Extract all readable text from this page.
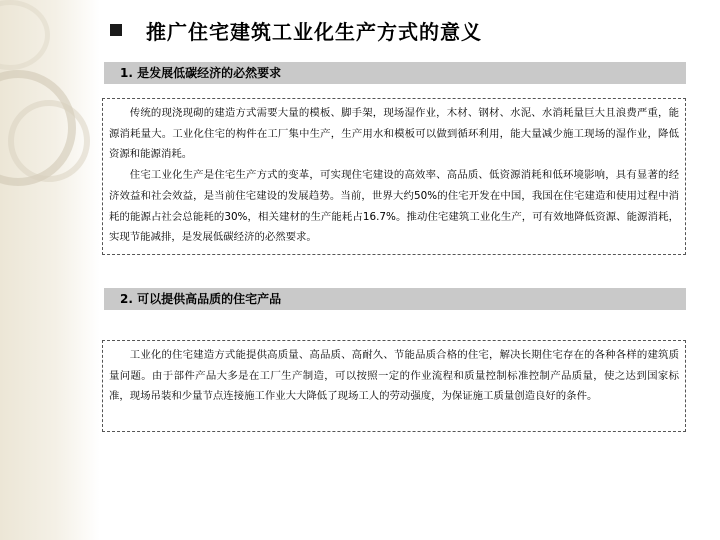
推广住宅建筑工业化生产方式的意义
1. 是发展低碳经济的必然要求

传统的现浇现砌的建造方式需要大量的模板、脚手架，现场湿作业，木材、钢材、水泥、水消耗量巨大且浪费严重，能源消耗量大。工业化住宅的构件在工厂集中生产，生产用水和模板可以做到循环利用，能大量减少施工现场的湿作业，降低资源和能源消耗。

住宅工业化生产是住宅生产方式的变革，可实现住宅建设的高效率、高品质、低资源消耗和低环境影响，具有显著的经济效益和社会效益，是当前住宅建设的发展趋势。当前，世界大约50%的住宅开发在中国，我国在住宅建造和使用过程中消耗的能源占社会总能耗的30%，相关建材的生产能耗占16.7%。推动住宅建筑工业化生产，可有效地降低资源、能源消耗，实现节能减排，是发展低碳经济的必然要求。

2. 可以提供高品质的住宅产品

工业化的住宅建造方式能提供高质量、高品质、高耐久、节能品质合格的住宅，解决长期住宅存在的各种各样的建筑质量问题。由于部件产品大多是在工厂生产制造，可以按照一定的作业流程和质量控制标准控制产品质量，使之达到国家标准，现场吊装和少量节点连接施工作业大大降低了现场工人的劳动强度，为保证施工质量创造良好的条件。
